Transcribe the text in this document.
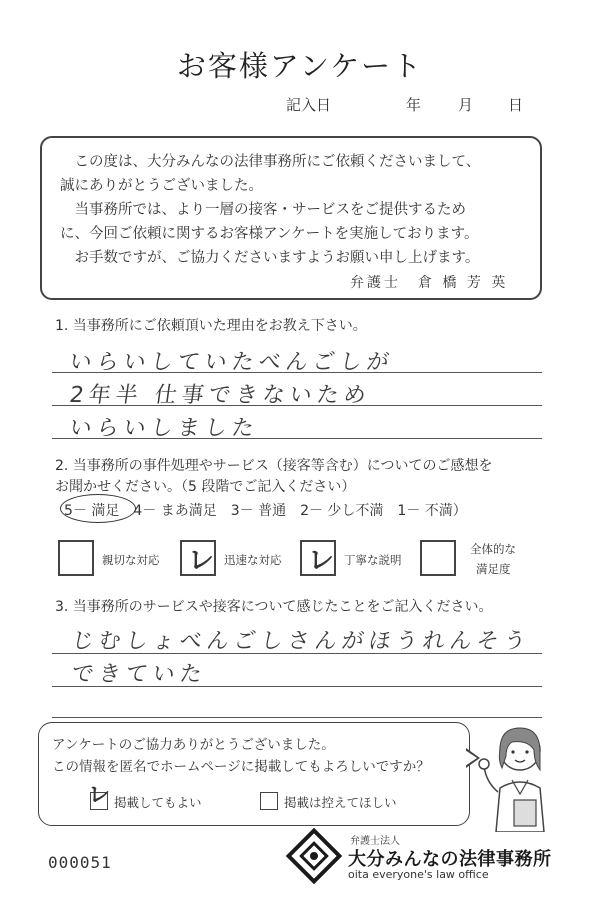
お客様アンケート
記入日	年 月 日
　この度は、大分みんなの法律事務所にご依頼くださいまして、
誠にありがとうございました。
　当事務所では、より一層の接客・サービスをご提供するため
に、今回ご依頼に関するお客様アンケートを実施しております。
　お手数ですが、ご協力くださいますようお願い申し上げます。
弁護士　倉 橋 芳 英
1. 当事務所にご依頼頂いた理由をお教え下さい。
いらいしていたべんごしが
2年半 仕事できないため
いらいしました
2. 当事務所の事件処理やサービス（接客等含む）についてのご感想を
お聞かせください。（5 段階でご記入ください）
5－ 満足　4－ まあ満足　3－ 普通　2－ 少し不満　1－ 不満）
親切な対応 レ 迅速な対応 レ 丁寧な説明
全体的な
満足度
3. 当事務所のサービスや接客について感じたことをご記入ください。
じむしょべんごしさんがほうれんそう
できていた
アンケートのご協力ありがとうございました。
この情報を匿名でホームページに掲載してもよろしいですか？
レ 掲載してもよい	掲載は控えてほしい
000051
弁護士法人
大分みんなの法律事務所
oita everyone's law office
